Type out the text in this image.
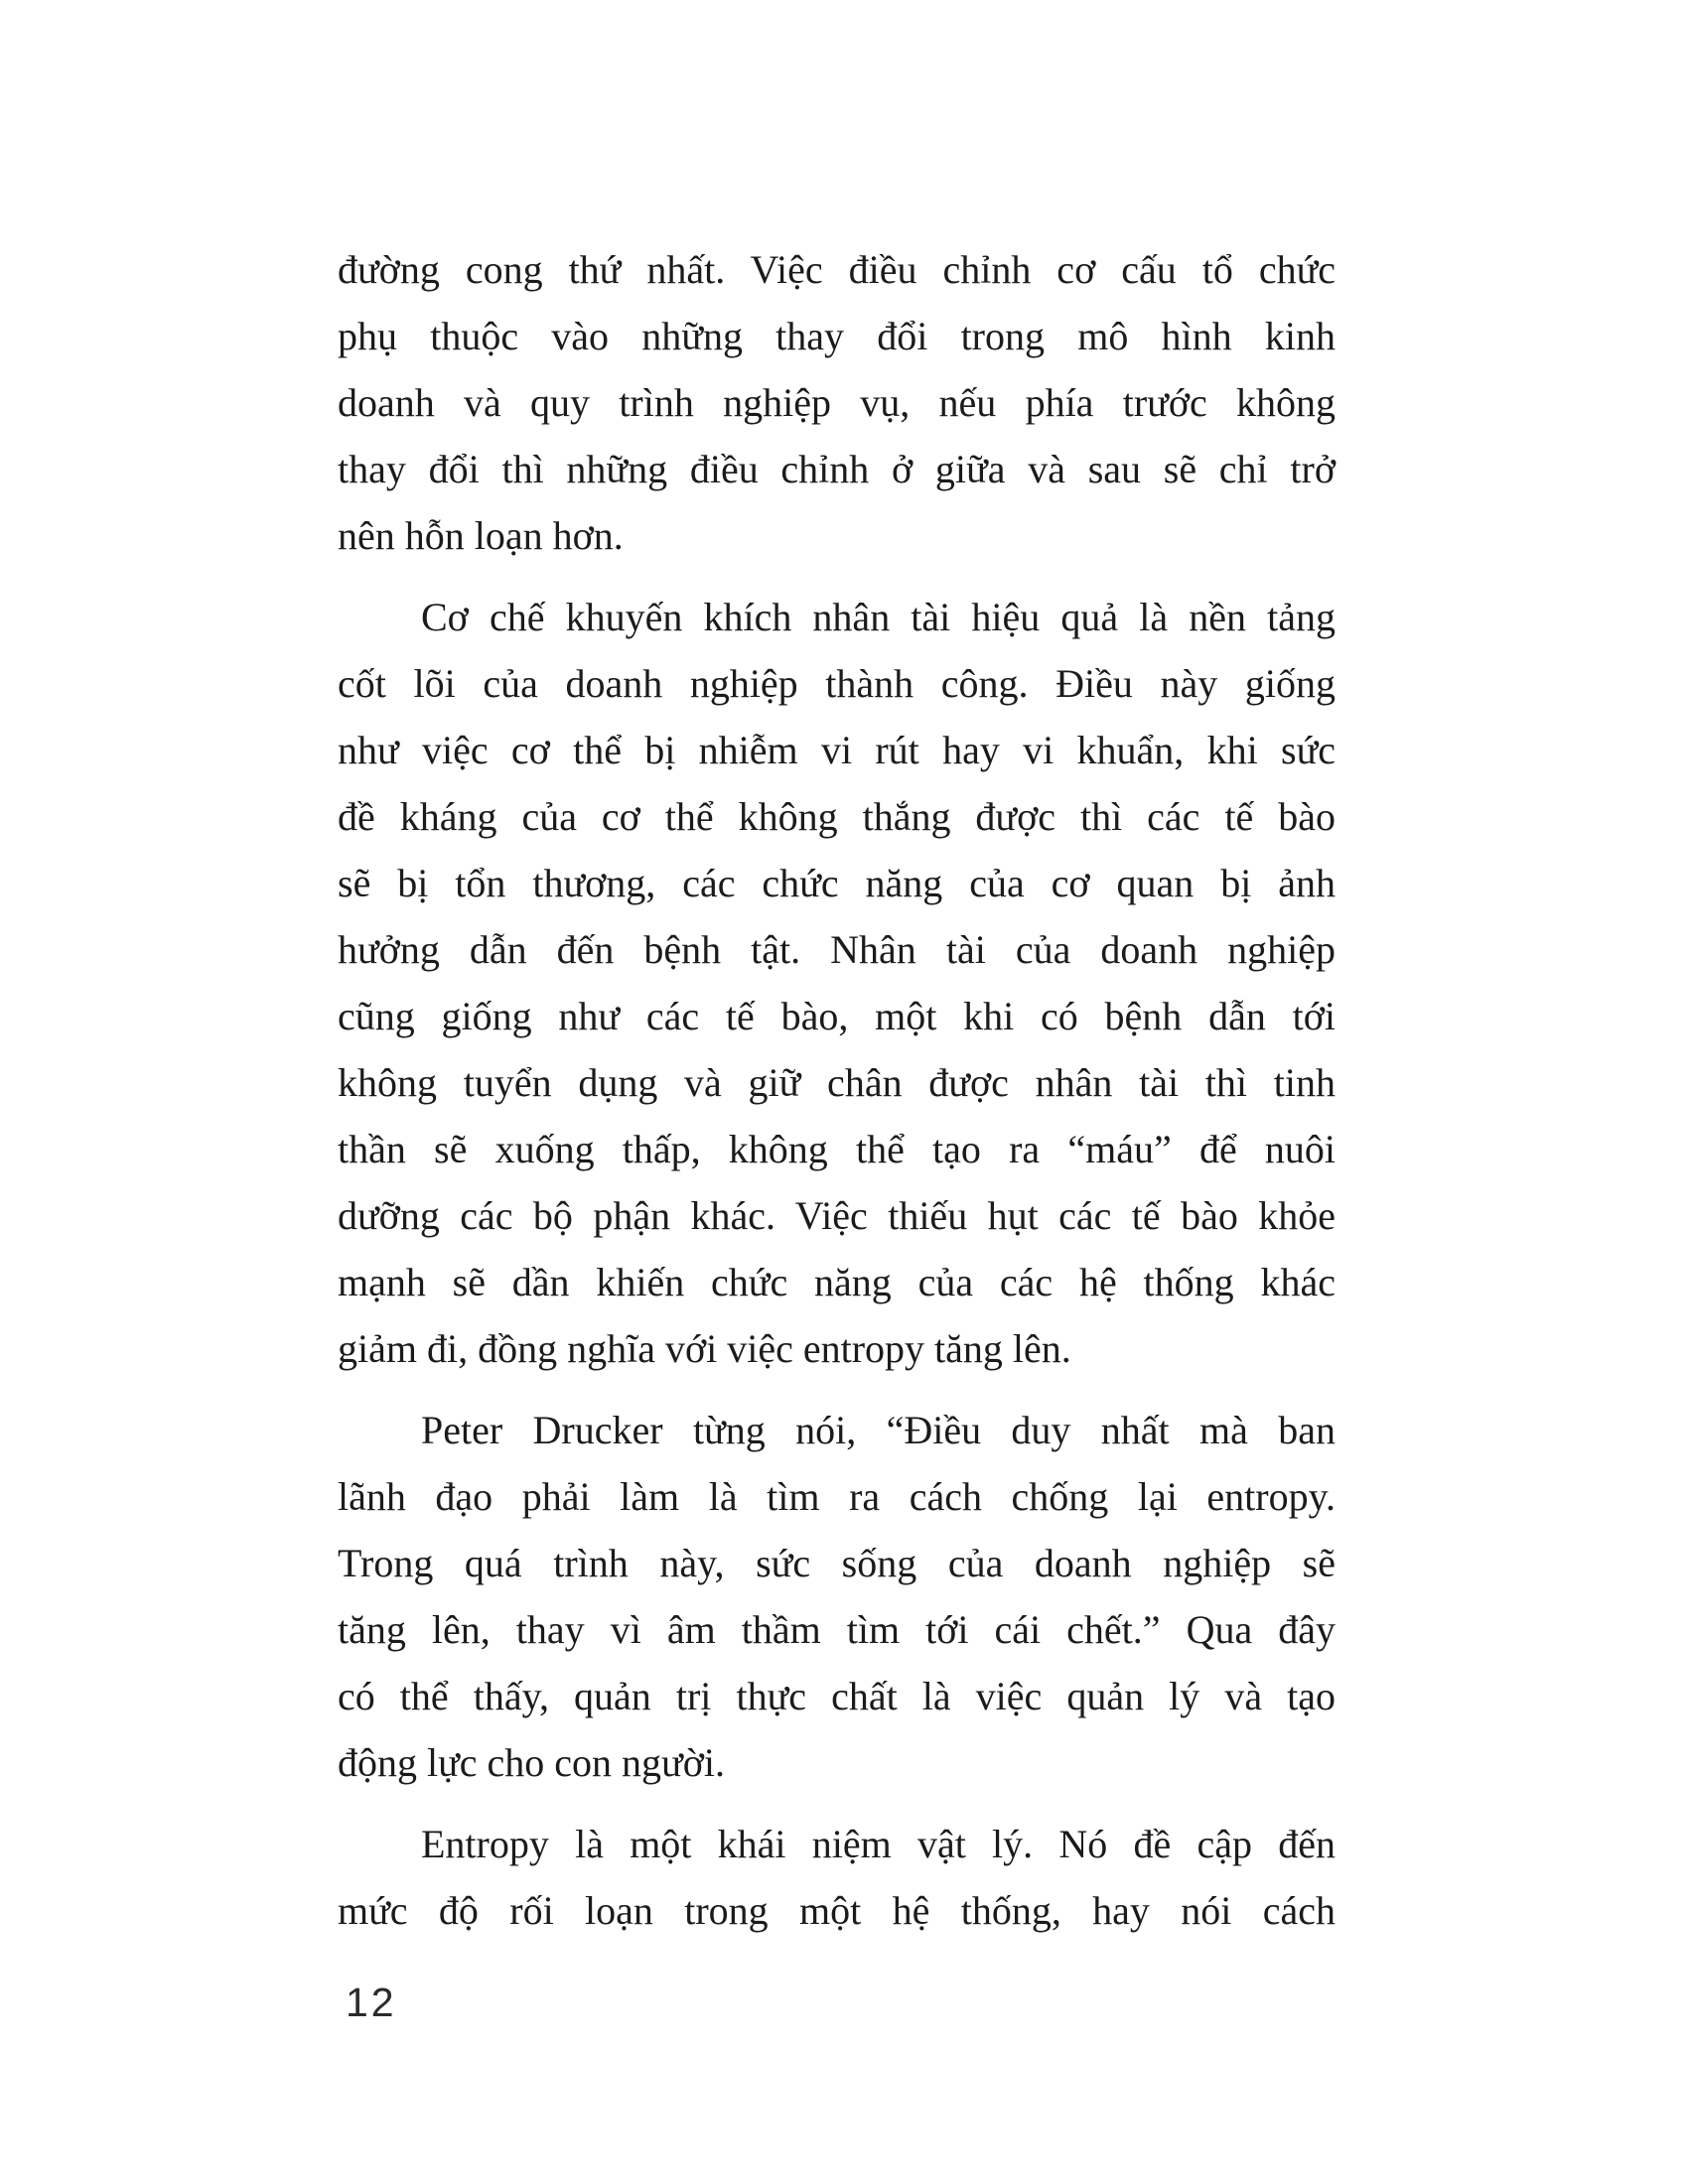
đường cong thứ nhất. Việc điều chỉnh cơ cấu tổ chức
phụ thuộc vào những thay đổi trong mô hình kinh
doanh và quy trình nghiệp vụ, nếu phía trước không
thay đổi thì những điều chỉnh ở giữa và sau sẽ chỉ trở
nên hỗn loạn hơn.
Cơ chế khuyến khích nhân tài hiệu quả là nền tảng
cốt lõi của doanh nghiệp thành công. Điều này giống
như việc cơ thể bị nhiễm vi rút hay vi khuẩn, khi sức
đề kháng của cơ thể không thắng được thì các tế bào
sẽ bị tổn thương, các chức năng của cơ quan bị ảnh
hưởng dẫn đến bệnh tật. Nhân tài của doanh nghiệp
cũng giống như các tế bào, một khi có bệnh dẫn tới
không tuyển dụng và giữ chân được nhân tài thì tinh
thần sẽ xuống thấp, không thể tạo ra “máu” để nuôi
dưỡng các bộ phận khác. Việc thiếu hụt các tế bào khỏe
mạnh sẽ dần khiến chức năng của các hệ thống khác
giảm đi, đồng nghĩa với việc entropy tăng lên.
Peter Drucker từng nói, “Điều duy nhất mà ban
lãnh đạo phải làm là tìm ra cách chống lại entropy.
Trong quá trình này, sức sống của doanh nghiệp sẽ
tăng lên, thay vì âm thầm tìm tới cái chết.” Qua đây
có thể thấy, quản trị thực chất là việc quản lý và tạo
động lực cho con người.
Entropy là một khái niệm vật lý. Nó đề cập đến
mức độ rối loạn trong một hệ thống, hay nói cách
12
